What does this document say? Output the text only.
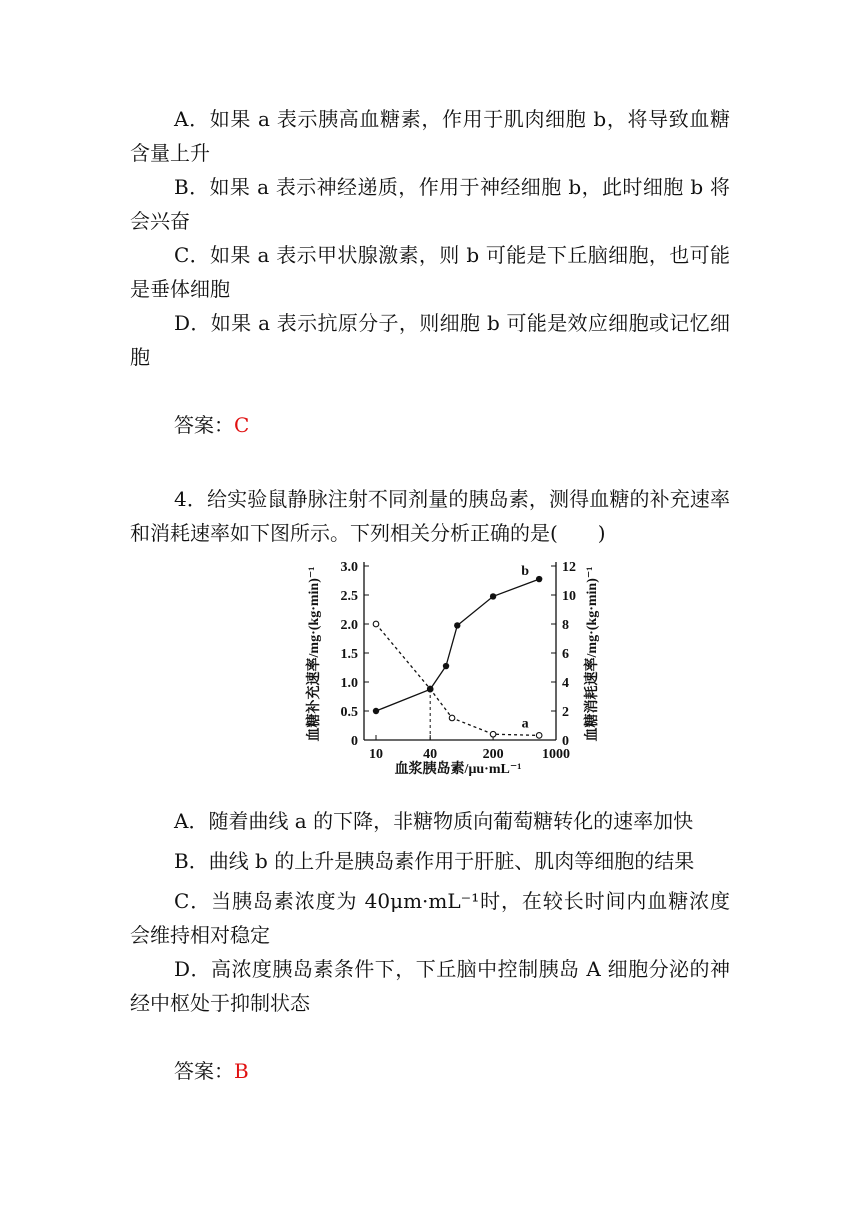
A．如果 a 表示胰高血糖素，作用于肌肉细胞 b，将导致血糖含量上升

B．如果 a 表示神经递质，作用于神经细胞 b，此时细胞 b 将会兴奋

C．如果 a 表示甲状腺激素，则 b 可能是下丘脑细胞，也可能是垂体细胞

D．如果 a 表示抗原分子，则细胞 b 可能是效应细胞或记忆细胞

答案：C

4．给实验鼠静脉注射不同剂量的胰岛素，测得血糖的补充速率和消耗速率如下图所示。下列相关分析正确的是(　　)

0
0.5
1.0
1.5
2.0
2.5
3.0
0
2
4
6
8
10
12
10	40	200	1000
a
b
血糖补充速率/mg·(kg·min)⁻¹	血糖消耗速率/mg·(kg·min)⁻¹
血浆胰岛素/μu·mL⁻¹

A．随着曲线 a 的下降，非糖物质向葡萄糖转化的速率加快

B．曲线 b 的上升是胰岛素作用于肝脏、肌肉等细胞的结果

C．当胰岛素浓度为 40μm·mL⁻¹时，在较长时间内血糖浓度会维持相对稳定

D．高浓度胰岛素条件下，下丘脑中控制胰岛 A 细胞分泌的神经中枢处于抑制状态

答案：B
